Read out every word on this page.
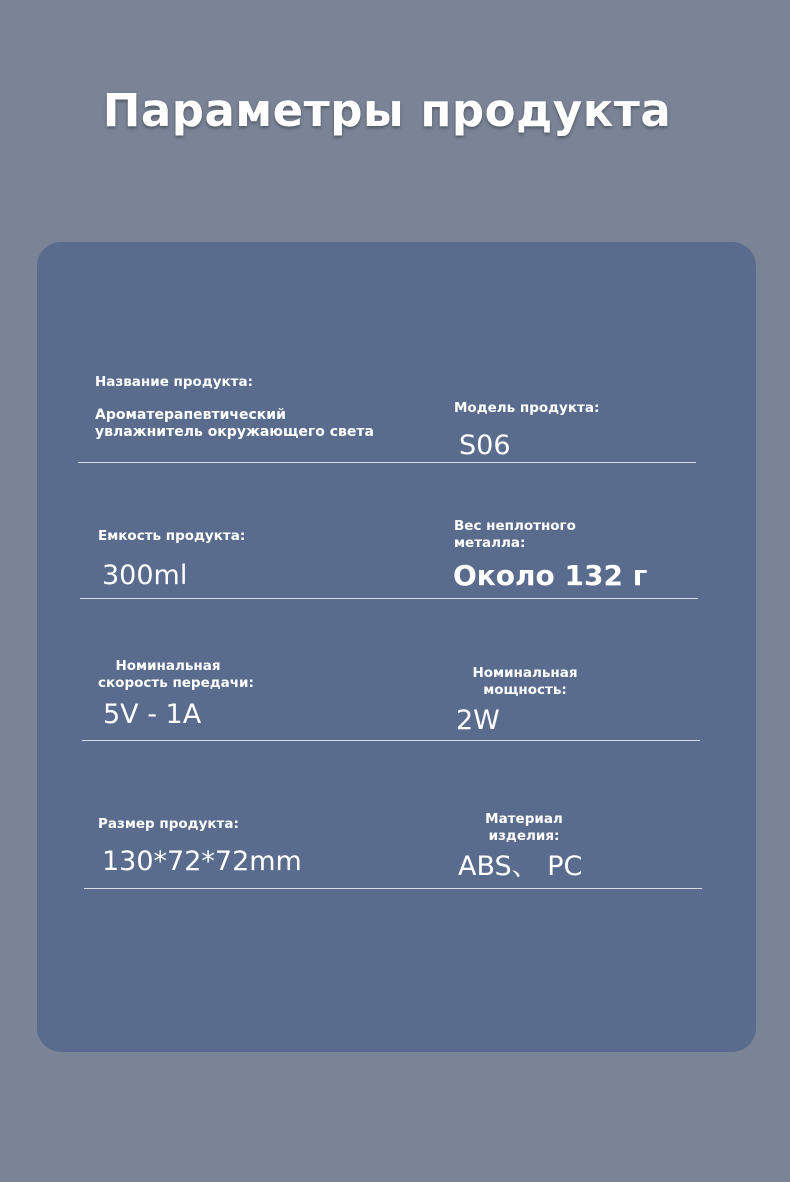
Параметры продукта
Название продукта:
Ароматерапевтический
увлажнитель окружающего света
Модель продукта:
S06
Емкость продукта:
300ml
Вес неплотного
металла:
Около 132 г
Номинальная
скорость передачи:
5V - 1A
Номинальная
мощность:
2W
Размер продукта:
130*72*72mm
Материал
изделия:
ABS、 PC
